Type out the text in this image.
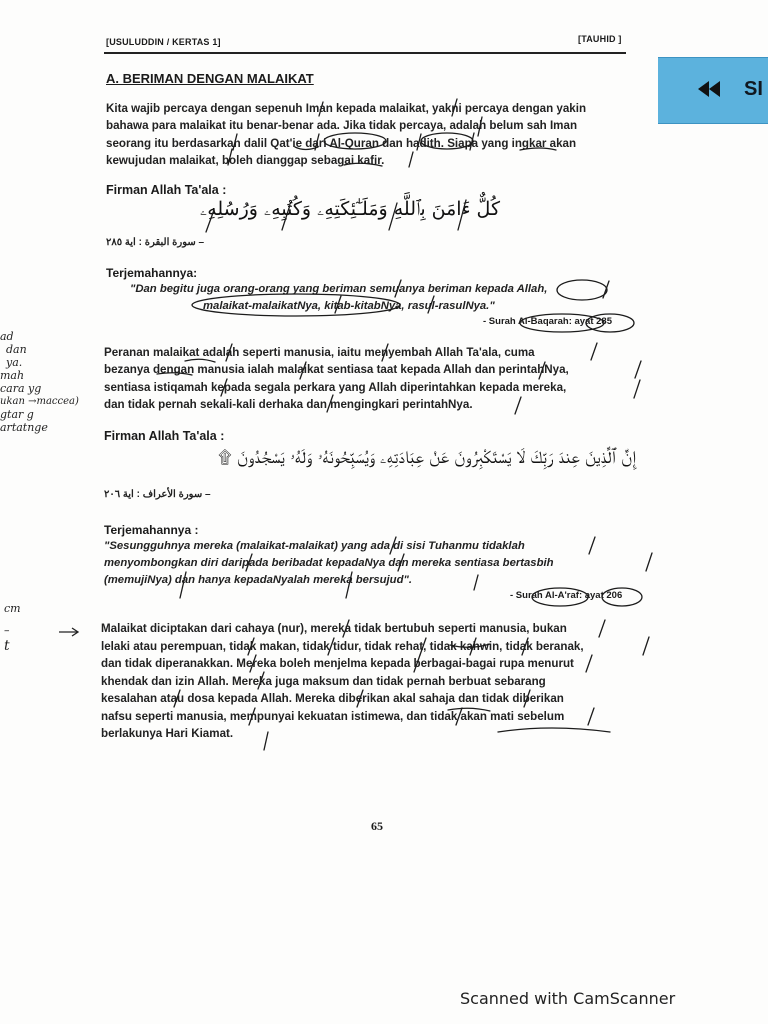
SI
[USULUDDIN / KERTAS 1]	[TAUHID ]
A. BERIMAN DENGAN MALAIKAT
Kita wajib percaya dengan sepenuh Iman kepada malaikat, yakni percaya dengan yakin
bahawa para malaikat itu benar-benar ada. Jika tidak percaya, adalah belum sah Iman
seorang itu berdasarkan dalil Qat'ie dari Al-Quran dan hadith. Siapa yang ingkar akan
kewujudan malaikat, boleh dianggap sebagai kafir.
Firman Allah Ta'ala :
كُلٌّ ءَامَنَ بِٱللَّهِ وَمَلَـٰٓئِكَتِهِۦ وَكُتُبِهِۦ وَرُسُلِهِۦ
– سورة البقرة : اية ٢٨٥
Terjemahannya:
"Dan begitu juga orang-orang yang beriman semuanya beriman kepada Allah,
malaikat-malaikatNya, kitab-kitabNya, rasul-rasulNya."
- Surah Al-Baqarah: ayat 285
Peranan malaikat adalah seperti manusia, iaitu menyembah Allah Ta'ala, cuma
bezanya dengan manusia ialah malaikat sentiasa taat kepada Allah dan perintahNya,
sentiasa istiqamah kepada segala perkara yang Allah diperintahkan kepada mereka,
dan tidak pernah sekali-kali derhaka dan mengingkari perintahNya.
Firman Allah Ta'ala :
إِنَّ ٱلَّذِينَ عِندَ رَبِّكَ لَا يَسْتَكْبِرُونَ عَنْ عِبَادَتِهِۦ وَيُسَبِّحُونَهُۥ وَلَهُۥ يَسْجُدُونَ ۩
– سورة الأعراف : اية ٢٠٦
Terjemahannya :
"Sesungguhnya mereka (malaikat-malaikat) yang ada di sisi Tuhanmu tidaklah
menyombongkan diri daripada beribadat kepadaNya dan mereka sentiasa bertasbih
(memujiNya) dan hanya kepadaNyalah mereka bersujud".
- Surah Al-A'raf: ayat 206
Malaikat diciptakan dari cahaya (nur), mereka tidak bertubuh seperti manusia, bukan
lelaki atau perempuan, tidak makan, tidak tidur, tidak rehat, tidak kahwin, tidak beranak,
dan tidak diperanakkan. Mereka boleh menjelma kepada berbagai-bagai rupa menurut
khendak dan izin Allah. Mereka juga maksum dan tidak pernah berbuat sebarang
kesalahan atau dosa kepada Allah. Mereka diberikan akal sahaja dan tidak diberikan
nafsu seperti manusia, mempunyai kekuatan istimewa, dan tidak akan mati sebelum
berlakunya Hari Kiamat.
ad
dan
ya.
mah
cara yg
ukan →maccea)
gtar g
artatnge
cm
–
t
65
Scanned with CamScanner
